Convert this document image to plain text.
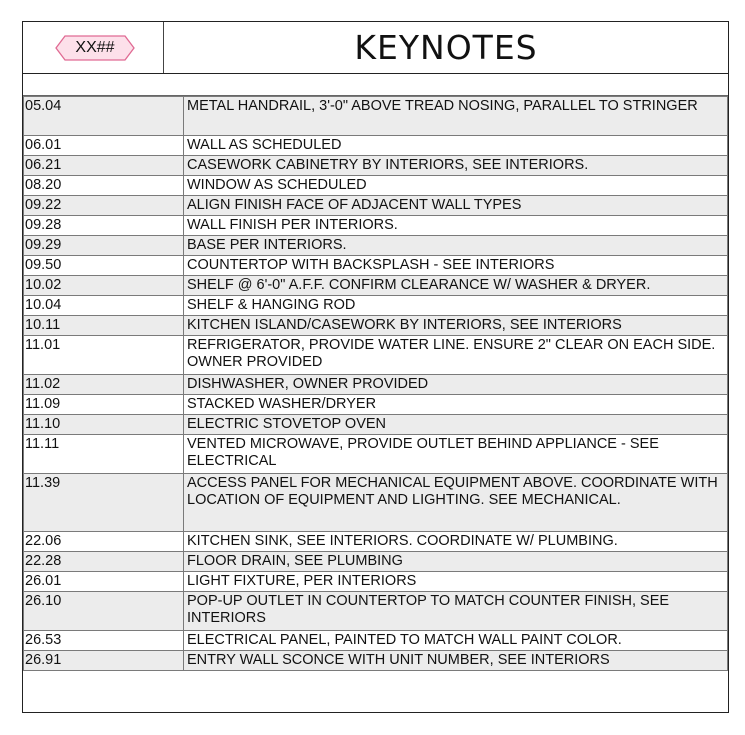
XX##	KEYNOTES
05.04	METAL HANDRAIL, 3'-0" ABOVE TREAD NOSING, PARALLEL TO STRINGER
06.01	WALL AS SCHEDULED
06.21	CASEWORK CABINETRY BY INTERIORS, SEE INTERIORS.
08.20	WINDOW AS SCHEDULED
09.22	ALIGN FINISH FACE OF ADJACENT WALL TYPES
09.28	WALL FINISH PER INTERIORS.
09.29	BASE PER INTERIORS.
09.50	COUNTERTOP WITH BACKSPLASH - SEE INTERIORS
10.02	SHELF @ 6'-0" A.F.F. CONFIRM CLEARANCE W/ WASHER & DRYER.
10.04	SHELF & HANGING ROD
10.11	KITCHEN ISLAND/CASEWORK BY INTERIORS, SEE INTERIORS
11.01	REFRIGERATOR, PROVIDE WATER LINE. ENSURE 2" CLEAR ON EACH SIDE. OWNER PROVIDED
11.02	DISHWASHER, OWNER PROVIDED
11.09	STACKED WASHER/DRYER
11.10	ELECTRIC STOVETOP OVEN
11.11	VENTED MICROWAVE, PROVIDE OUTLET BEHIND APPLIANCE - SEE ELECTRICAL
11.39	ACCESS PANEL FOR MECHANICAL EQUIPMENT ABOVE. COORDINATE WITH LOCATION OF EQUIPMENT AND LIGHTING. SEE MECHANICAL.
22.06	KITCHEN SINK, SEE INTERIORS. COORDINATE W/ PLUMBING.
22.28	FLOOR DRAIN, SEE PLUMBING
26.01	LIGHT FIXTURE, PER INTERIORS
26.10	POP-UP OUTLET IN COUNTERTOP TO MATCH COUNTER FINISH, SEE INTERIORS
26.53	ELECTRICAL PANEL, PAINTED TO MATCH WALL PAINT COLOR.
26.91	ENTRY WALL SCONCE WITH UNIT NUMBER, SEE INTERIORS
